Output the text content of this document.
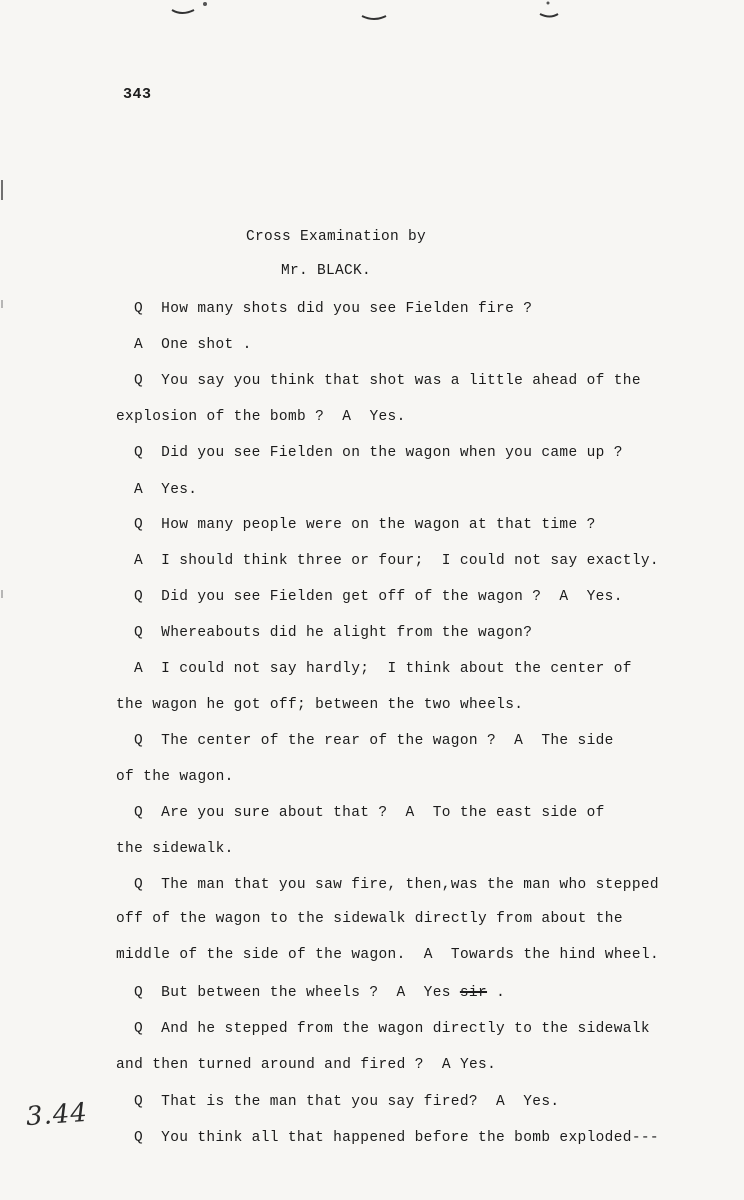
343
Cross Examination by
Mr. BLACK.
Q  How many shots did you see Fielden fire ?
A  One shot .
Q  You say you think that shot was a little ahead of the
explosion of the bomb ?  A  Yes.
Q  Did you see Fielden on the wagon when you came up ?
A  Yes.
Q  How many people were on the wagon at that time ?
A  I should think three or four;  I could not say exactly.
Q  Did you see Fielden get off of the wagon ?  A  Yes.
Q  Whereabouts did he alight from the wagon?
A  I could not say hardly;  I think about the center of
the wagon he got off; between the two wheels.
Q  The center of the rear of the wagon ?  A  The side
of the wagon.
Q  Are you sure about that ?  A  To the east side of
the sidewalk.
Q  The man that you saw fire, then,was the man who stepped
off of the wagon to the sidewalk directly from about the
middle of the side of the wagon.  A  Towards the hind wheel.
Q  But between the wheels ?  A  Yes sir .
Q  And he stepped from the wagon directly to the sidewalk
and then turned around and fired ?  A Yes.
Q  That is the man that you say fired?  A  Yes.
Q  You think all that happened before the bomb exploded---
3.44
